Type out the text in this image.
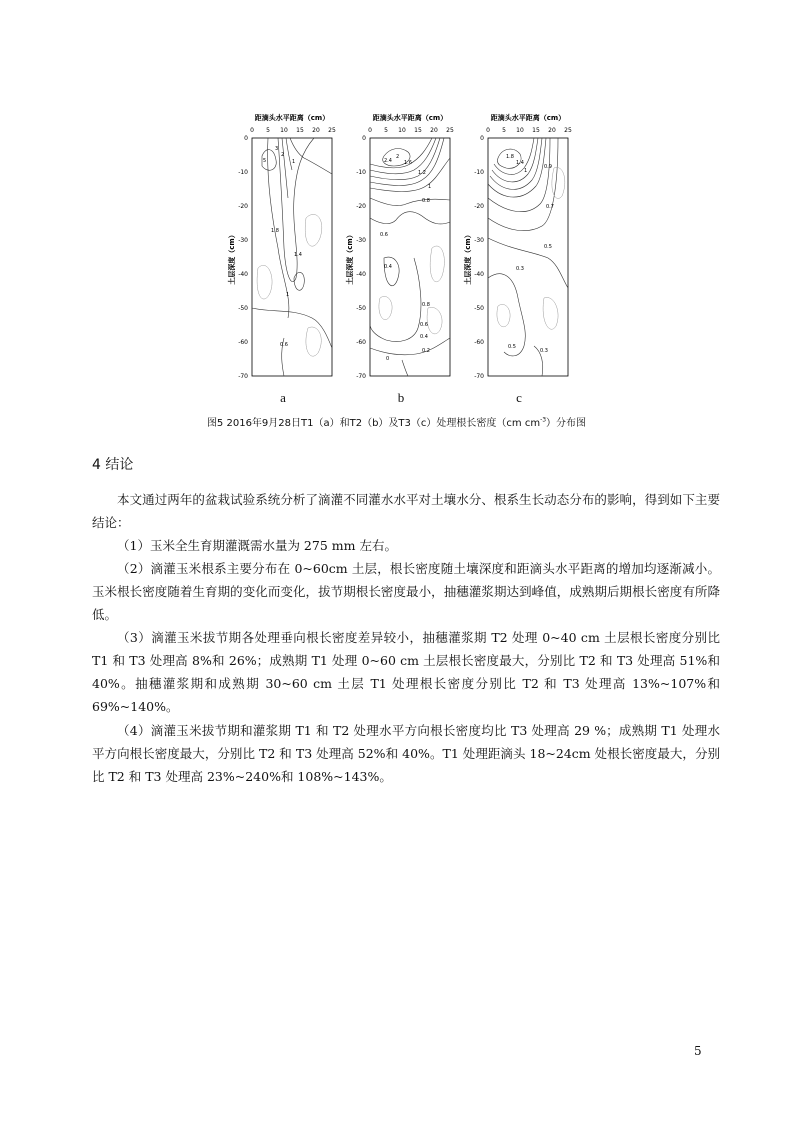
距滴头水平距离（cm）
0 5 10 15 20 25
0
-10
-20
-30
-40
-50
-60
-70
土层深度（cm）
5
3
2
1
1.8
1.4
1
0.6
a
距滴头水平距离（cm）
0 5 10 15 20 25
0
-10
-20
-30
-40
-50
-60
-70
土层深度（cm）
2.4
2
1.6
1.2
1
0.8
0.6
0.4
0.8
0.6
0.4
0.2
0
b
距滴头水平距离（cm）
0 5 10 15 20 25
0
-10
-20
-30
-40
-50
-60
-70
土层深度（cm）
1.8
1.4
1
0.9
0.7
0.5
0.3
0.5
0.3
c
图5 2016年9月28日T1（a）和T2（b）及T3（c）处理根长密度（cm $cm^{-3}$）分布图
4 结论
本文通过两年的盆栽试验系统分析了滴灌不同灌水水平对土壤水分、根系生长动态分布的影响，得到如下主要结论：
（1）玉米全生育期灌溉需水量为 275 mm 左右。
（2）滴灌玉米根系主要分布在 0~60cm 土层，根长密度随土壤深度和距滴头水平距离的增加均逐渐减小。玉米根长密度随着生育期的变化而变化，拔节期根长密度最小，抽穗灌浆期达到峰值，成熟期后期根长密度有所降低。
（3）滴灌玉米拔节期各处理垂向根长密度差异较小，抽穗灌浆期 T2 处理 0~40 cm 土层根长密度分别比 T1 和 T3 处理高 8%和 26%；成熟期 T1 处理 0~60 cm 土层根长密度最大，分别比 T2 和 T3 处理高 51%和 40%。抽穗灌浆期和成熟期 30~60 cm 土层 T1 处理根长密度分别比 T2 和 T3 处理高 13%~107%和 69%~140%。
（4）滴灌玉米拔节期和灌浆期 T1 和 T2 处理水平方向根长密度均比 T3 处理高 29 %；成熟期 T1 处理水平方向根长密度最大，分别比 T2 和 T3 处理高 52%和 40%。T1 处理距滴头 18~24cm 处根长密度最大，分别比 T2 和 T3 处理高 23%~240%和 108%~143%。
5
